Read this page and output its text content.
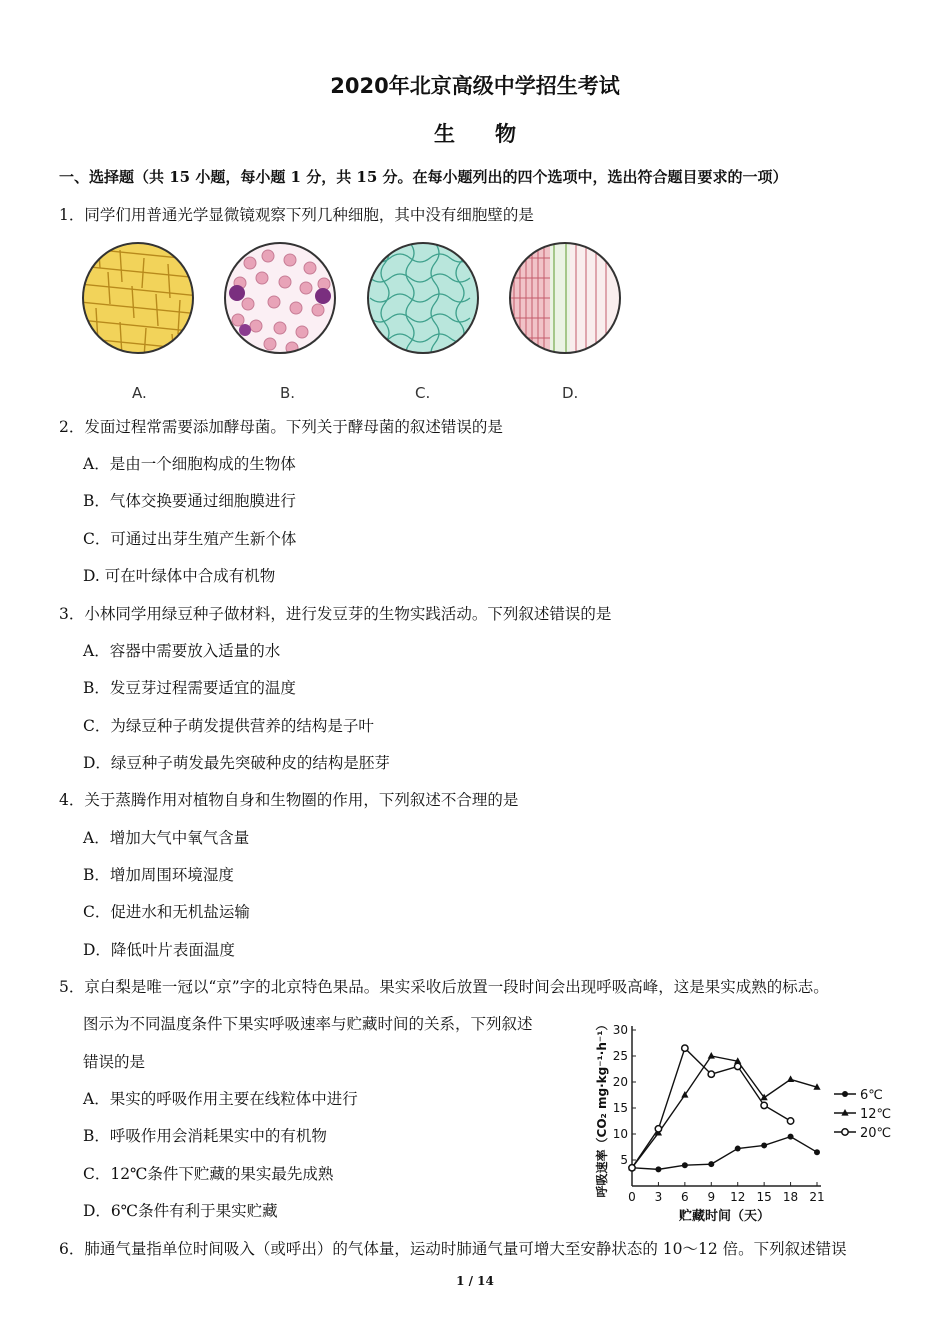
2020年北京高级中学招生考试
生物
一、选择题（共 15 小题，每小题 1 分，共 15 分。在每小题列出的四个选项中，选出符合题目要求的一项）
1．同学们用普通光学显微镜观察下列几种细胞，其中没有细胞壁的是
A.	B.	C.	D.
2．发面过程常需要添加酵母菌。下列关于酵母菌的叙述错误的是
A．是由一个细胞构成的生物体
B．气体交换要通过细胞膜进行
C．可通过出芽生殖产生新个体
D. 可在叶绿体中合成有机物
3．小林同学用绿豆种子做材料，进行发豆芽的生物实践活动。下列叙述错误的是
A．容器中需要放入适量的水
B．发豆芽过程需要适宜的温度
C．为绿豆种子萌发提供营养的结构是子叶
D．绿豆种子萌发最先突破种皮的结构是胚芽
4．关于蒸腾作用对植物自身和生物圈的作用，下列叙述不合理的是
A．增加大气中氧气含量
B．增加周围环境湿度
C．促进水和无机盐运输
D．降低叶片表面温度
5．京白梨是唯一冠以“京”字的北京特色果品。果实采收后放置一段时间会出现呼吸高峰，这是果实成熟的标志。
图示为不同温度条件下果实呼吸速率与贮藏时间的关系，下列叙述
错误的是
A．果实的呼吸作用主要在线粒体中进行
B．呼吸作用会消耗果实中的有机物
C．12℃条件下贮藏的果实最先成熟
D．6℃条件有利于果实贮藏
0 3 6 9 12 15 18 21
5
10
15
20
25
30
贮藏时间（天）
呼吸速率（CO₂ mg·kg⁻¹·h⁻¹）	6℃
12℃
20℃
6．肺通气量指单位时间吸入（或呼出）的气体量，运动时肺通气量可增大至安静状态的 10～12 倍。下列叙述错误
1 / 14
